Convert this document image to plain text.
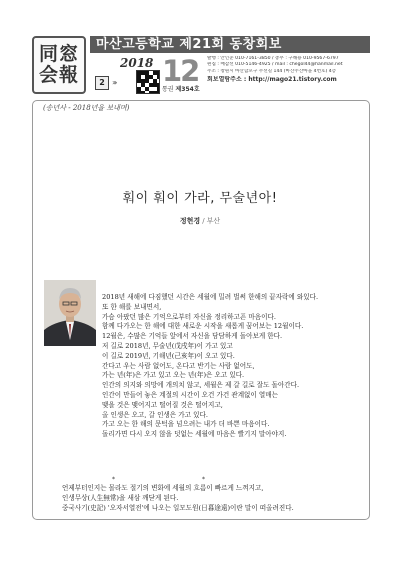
同窓
会報
마산고등학교 제21회 동창회보
2 ›››
2018 12
통권 제354호
발행 : 안인준 010-7161-3850 / 총무 : 구해용 010-9567-6797
편집 : 배갑선 010-5146-4925 / mail : chegol44@hanmail.net
주소 : 창원시 마산합포구 주선길 144 (마산주산마을 4번호) 4층
회보열람주소 : http://mago21.tistory.com
(송년사 - 2018년을 보내며)
훠이 훠이 가라, 무술년아!
정현경 / 부산
2018년 새해에 다짐했던 시간은 세월에 밀려 벌써 한해의 끝자락에 와있다.
또 한 해를 보내면서,
가슴 아팠던 많은 기억으로부터 자신을 정리하고픈 마음이다.
함께 다가오는 한 해에 대한 새로운 시작을 새롭게 꿈어보는 12월이다.
12월은, 수많은 기억들 앞에서 자신을 담담하게 돌아보게 한다.
저 길로 2018년, 무술년(戊戌年)이 가고 있고
이 길로 2019년, 기해년(己亥年)이 오고 있다.
간다고 우는 사람 없어도, 온다고 반기는 사람 없어도,
가는 년(年)은 가고 있고 오는 년(年)은 오고 있다.
인간의 의지와 의망에 개의치 않고, 세월은 제 갈 길로 잘도 돌아간다.
인간이 만들어 놓은 계절의 시간이 오건 가건 관계없이 열매는
맺을 것은 맺어지고 떨어질 것은 떨어지고,
올 인생은 오고, 갈 인생은 가고 있다.
가고 오는 한 해의 문턱을 넘으려는 내가 더 바쁜 마음이다.
돌리가면 다시 오지 않을 덧없는 세월에 마음은 빨기지 말아야지.
*	*
언제부터인지는 몰라도 절기의 변화에 세월의 흐름이 빠르게 느껴지고,
인생무상(人生無常)을 새삼 깨닫게 된다.
중국사기(史記) '오자서열전'에 나오는 일모도원(日暮途遠)이란 말이 떠올려진다.
